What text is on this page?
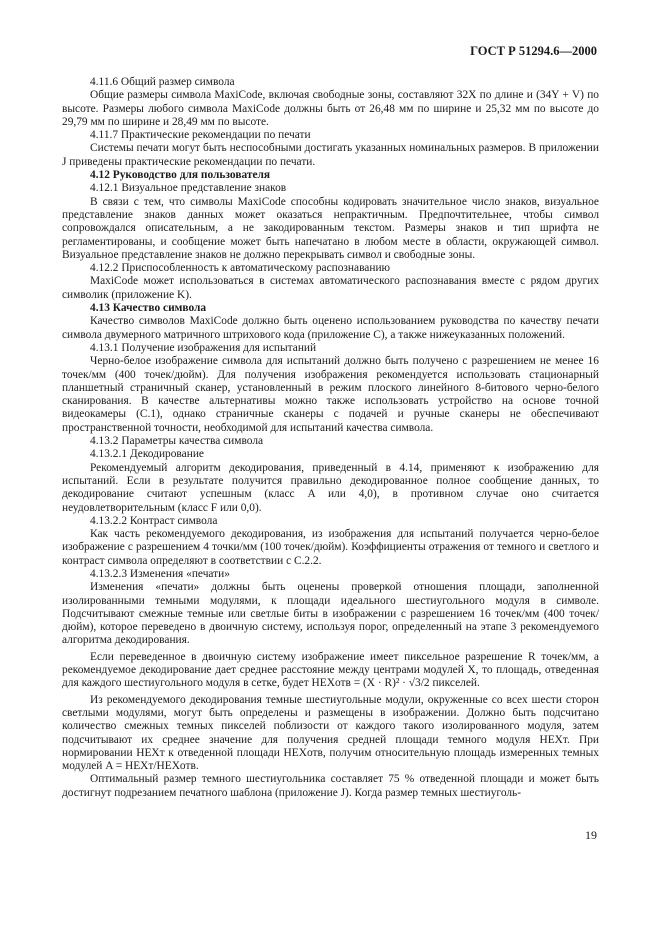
ГОСТ Р 51294.6—2000

4.11.6 Общий размер символа

Общие размеры символа MaxiCode, включая свободные зоны, составляют 32X по длине и (34Y + V) по высоте. Размеры любого символа MaxiCode должны быть от 26,48 мм по ширине и 25,32 мм по высоте до 29,79 мм по ширине и 28,49 мм по высоте.

4.11.7 Практические рекомендации по печати

Системы печати могут быть неспособными достигать указанных номинальных размеров. В приложении J приведены практические рекомендации по печати.

4.12 Руководство для пользователя

4.12.1 Визуальное представление знаков

В связи с тем, что символы MaxiCode способны кодировать значительное число знаков, визуальное представление знаков данных может оказаться непрактичным. Предпочтительнее, чтобы символ сопровождался описательным, а не закодированным текстом. Размеры знаков и тип шрифта не регламентированы, и сообщение может быть напечатано в любом месте в области, окружающей символ. Визуальное представление знаков не должно перекрывать символ и свободные зоны.

4.12.2 Приспособленность к автоматическому распознаванию

MaxiCode может использоваться в системах автоматического распознавания вместе с рядом других символик (приложение K).

4.13 Качество символа

Качество символов MaxiCode должно быть оценено использованием руководства по качеству печати символа двумерного матричного штрихового кода (приложение C), а также нижеуказанных положений.

4.13.1 Получение изображения для испытаний

Черно-белое изображение символа для испытаний должно быть получено с разрешением не менее 16 точек/мм (400 точек/дюйм). Для получения изображения рекомендуется использовать стационарный планшетный страничный сканер, установленный в режим плоского линейного 8-битового черно-белого сканирования. В качестве альтернативы можно также использовать устройство на основе точной видеокамеры (C.1), однако страничные сканеры с подачей и ручные сканеры не обеспечивают пространственной точности, необходимой для испытаний качества символа.

4.13.2 Параметры качества символа

4.13.2.1 Декодирование

Рекомендуемый алгоритм декодирования, приведенный в 4.14, применяют к изображению для испытаний. Если в результате получится правильно декодированное полное сообщение данных, то декодирование считают успешным (класс A или 4,0), в противном случае оно считается неудовлетворительным (класс F или 0,0).

4.13.2.2 Контраст символа

Как часть рекомендуемого декодирования, из изображения для испытаний получается черно-белое изображение с разрешением 4 точки/мм (100 точек/дюйм). Коэффициенты отражения от темного и светлого и контраст символа определяют в соответствии с C.2.2.

4.13.2.3 Изменения «печати»

Изменения «печати» должны быть оценены проверкой отношения площади, заполненной изолированными темными модулями, к площади идеального шестиугольного модуля в символе. Подсчитывают смежные темные или светлые биты в изображении с разрешением 16 точек/мм (400 точек/дюйм), которое переведено в двоичную систему, используя порог, определенный на этапе 3 рекомендуемого алгоритма декодирования.

Если переведенное в двоичную систему изображение имеет пиксельное разрешение R точек/мм, а рекомендуемое декодирование дает среднее расстояние между центрами модулей X, то площадь, отведенная для каждого шестиугольного модуля в сетке, будет HEXотв = (X · R)² · √3/2 пикселей.

Из рекомендуемого декодирования темные шестиугольные модули, окруженные со всех шести сторон светлыми модулями, могут быть определены и размещены в изображении. Должно быть подсчитано количество смежных темных пикселей поблизости от каждого такого изолированного модуля, затем подсчитывают их среднее значение для получения средней площади темного модуля HEXт. При нормировании HEXт к отведенной площади HEXотв, получим относительную площадь измеренных темных модулей A = HEXт/HEXотв.

Оптимальный размер темного шестиугольника составляет 75 % отведенной площади и может быть достигнут подрезанием печатного шаблона (приложение J). Когда размер темных шестиуголь-

19
